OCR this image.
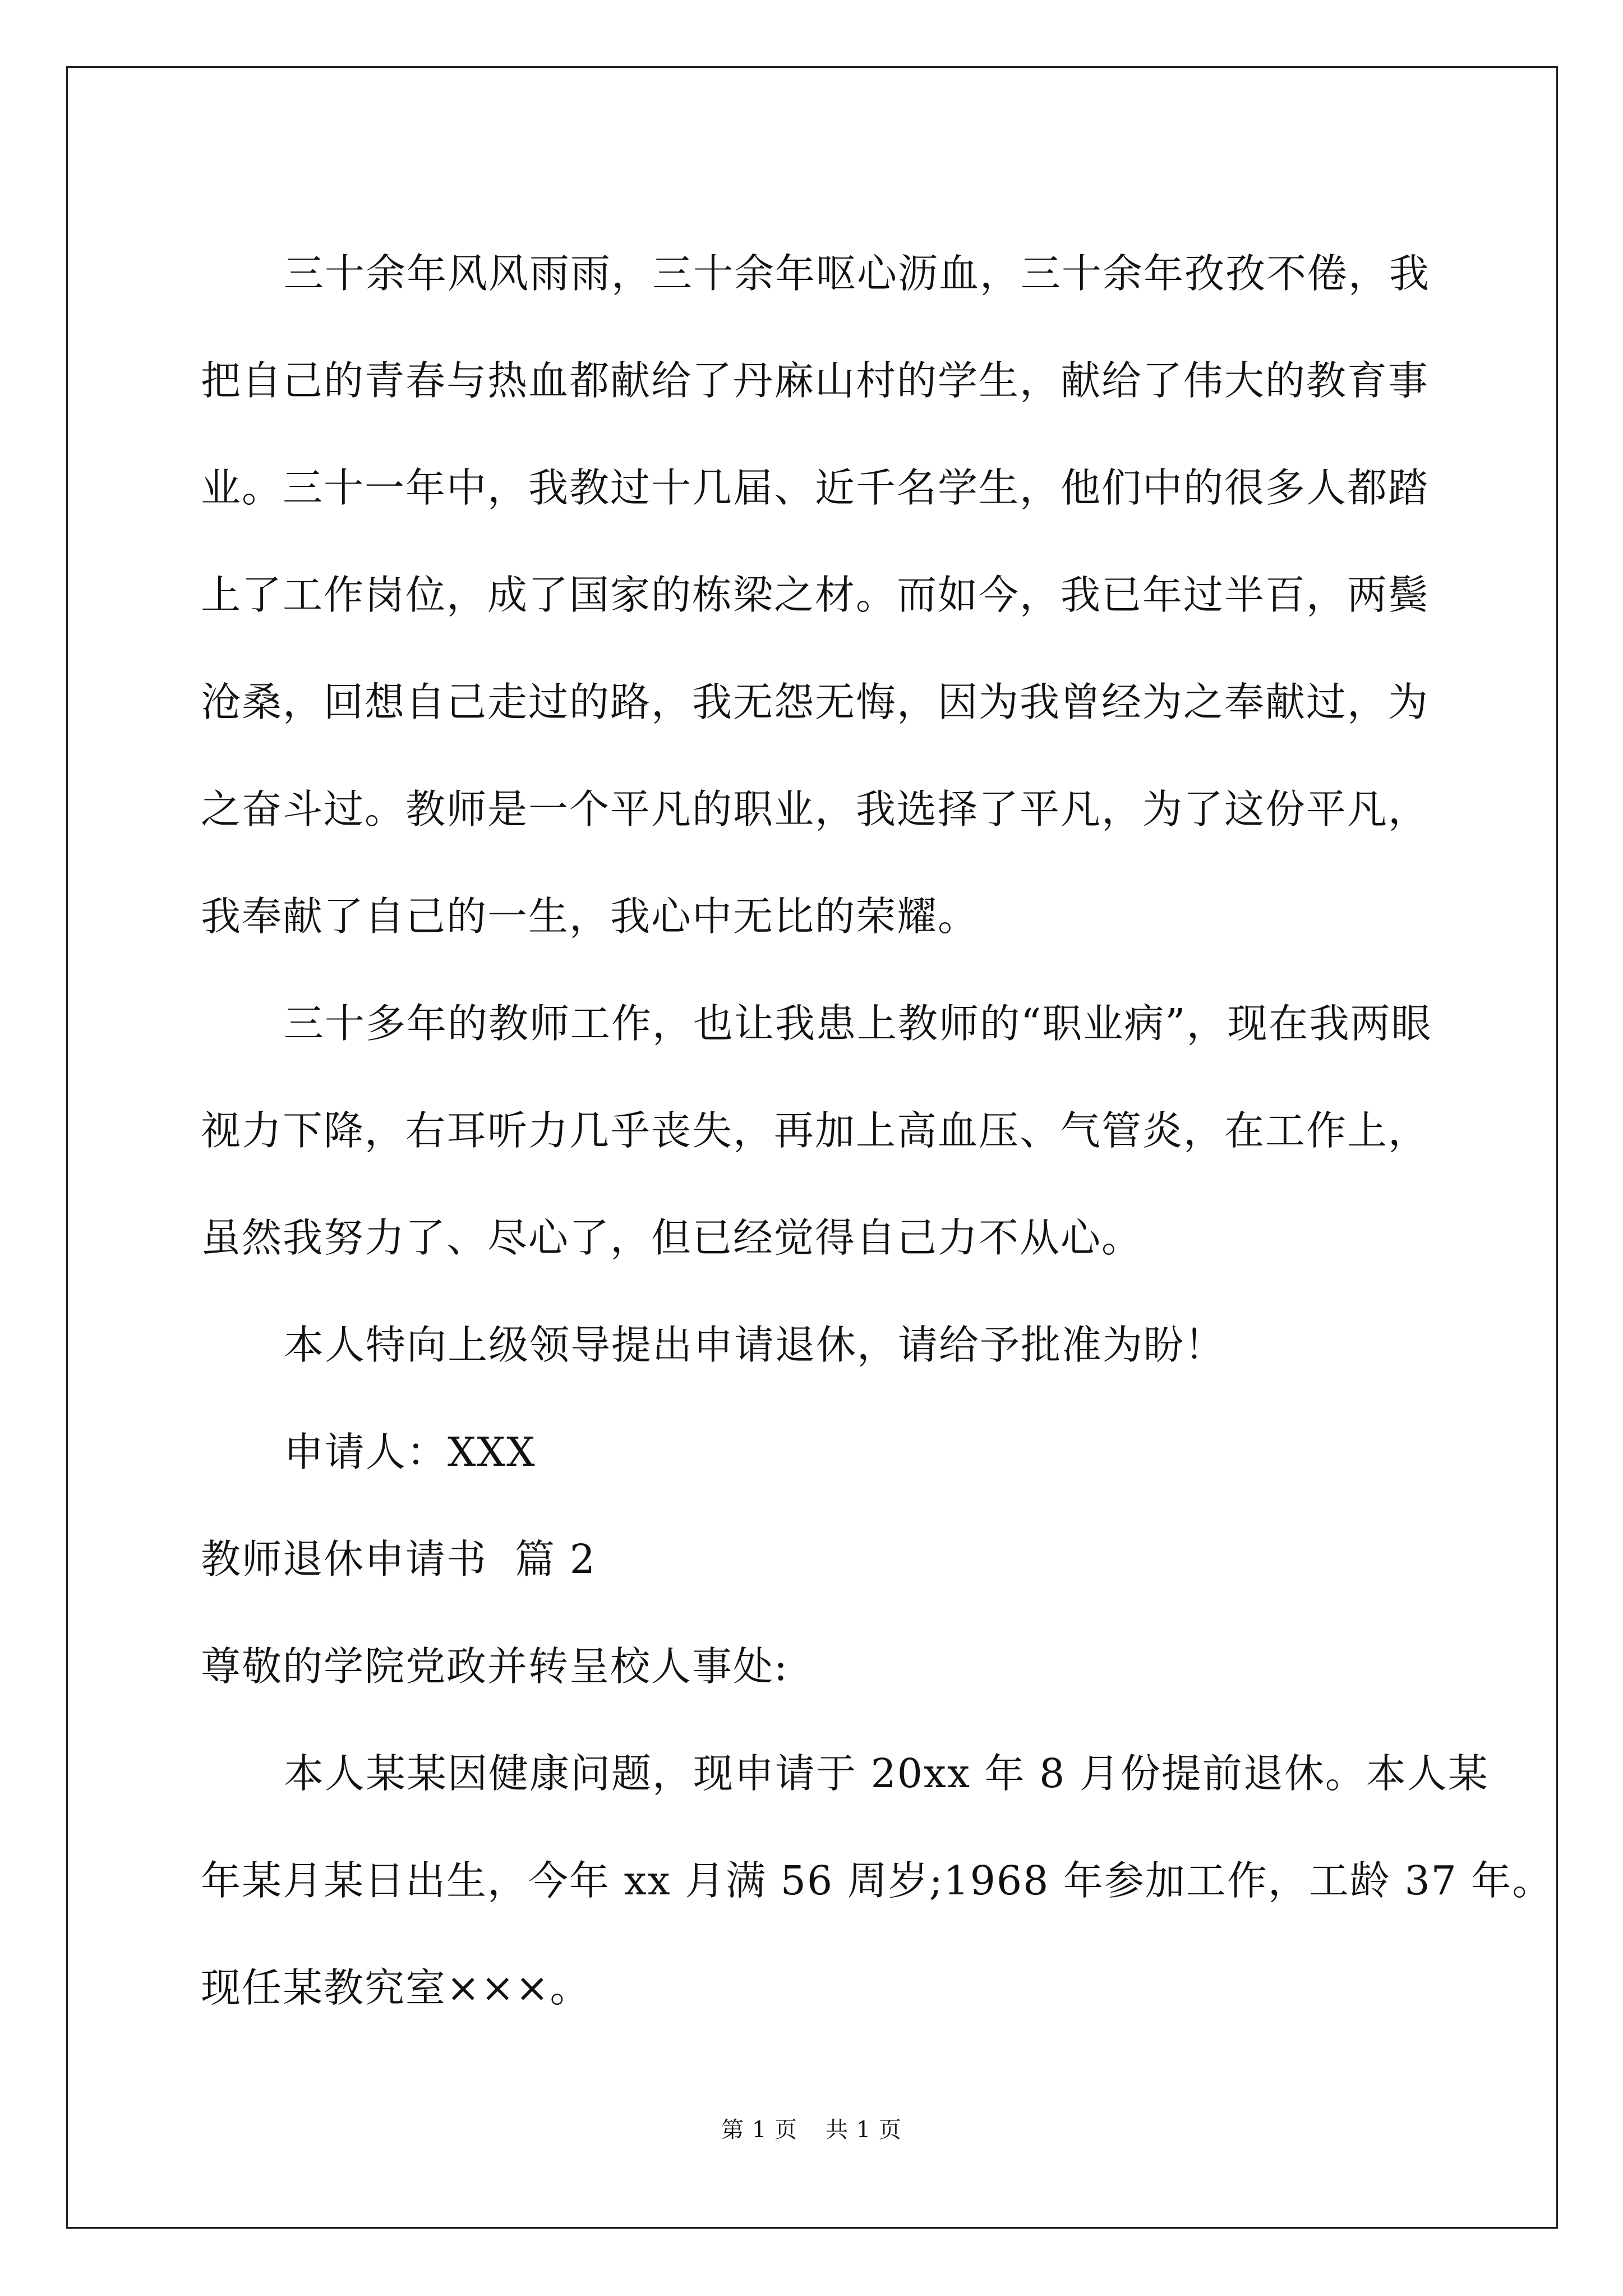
三十余年风风雨雨，三十余年呕心沥血，三十余年孜孜不倦，我
把自己的青春与热血都献给了丹麻山村的学生，献给了伟大的教育事
业。三十一年中，我教过十几届、近千名学生，他们中的很多人都踏
上了工作岗位，成了国家的栋梁之材。而如今，我已年过半百，两鬓
沧桑，回想自己走过的路，我无怨无悔，因为我曾经为之奉献过，为
之奋斗过。教师是一个平凡的职业，我选择了平凡，为了这份平凡，
我奉献了自己的一生，我心中无比的荣耀。
三十多年的教师工作，也让我患上教师的“职业病”，现在我两眼
视力下降，右耳听力几乎丧失，再加上高血压、气管炎，在工作上，
虽然我努力了、尽心了，但已经觉得自己力不从心。
本人特向上级领导提出申请退休，请给予批准为盼！
申请人：XXX
教师退休申请书  篇 2
尊敬的学院党政并转呈校人事处:
本人某某因健康问题，现申请于 20xx 年 8 月份提前退休。本人某
年某月某日出生，今年 xx 月满 56 周岁;1968 年参加工作，工龄 37 年。
现任某教究室×××。
第 1 页 共 1 页
